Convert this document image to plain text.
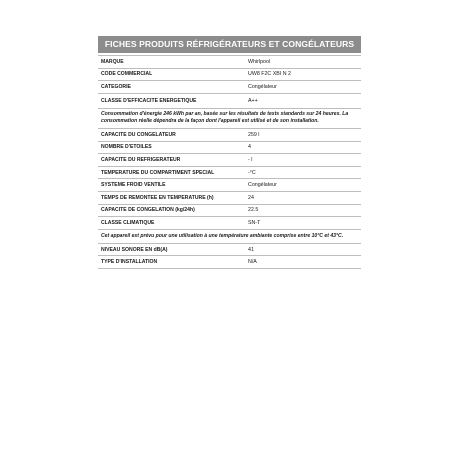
FICHES PRODUITS RÉFRIGÉRATEURS ET CONGÉLATEURS
MARQUE	Whirlpool
CODE COMMERCIAL	UW8 F2C XBI N 2
CATEGORIE	Congélateur
CLASSE D'EFFICACITE ENERGETIQUE	A++
Consommation d'énergie 246 kWh par an, basée sur les résultats de tests standards sur 24 heures. La consommation réelle dépendra de la façon dont l'appareil est utilisé et de son installation.
CAPACITE DU CONGELATEUR	259 l
NOMBRE D'ETOILES	4
CAPACITE DU REFRIGERATEUR	- l
TEMPERATURE DU COMPARTIMENT SPECIAL	-°C
SYSTEME FROID VENTILE	Congélateur
TEMPS DE REMONTEE EN TEMPERATURE (h)	24
CAPACITE DE CONGELATION (kg/24h)	22.5
CLASSE CLIMATIQUE	SN-T
Cet appareil est prévu pour une utilisation à une température ambiante comprise entre 10°C et 43°C.
NIVEAU SONORE EN dB(A)	41
TYPE D'INSTALLATION	N/A
